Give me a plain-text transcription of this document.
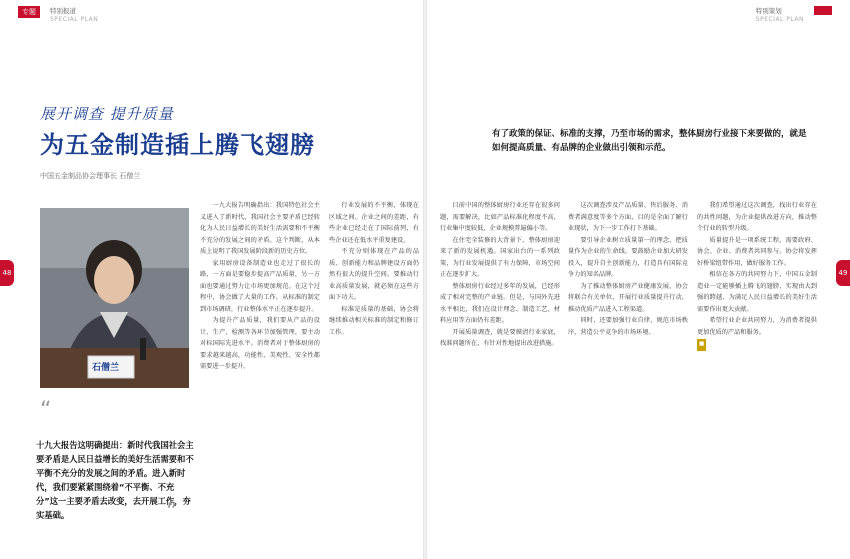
专题	特别报道
SPECIAL PLAN
特别策划
SPECIAL PLAN
48	49
展开调查 提升质量
为五金制造插上腾飞翅膀
中国五金制品协会理事长 石僧兰
有了政策的保证、标准的支撑，乃至市场的需求，整体厨房行业接下来要做的，就是如何提高质量、有品牌的企业做出引领和示范。
石僧兰
“
十九大报告这明确提出：新时代我国社会主要矛盾是人民日益增长的美好生活需要和不平衡不充分的发展之间的矛盾。进入新时代，我们要紧紧围绕着“不平衡、不充分”这一主要矛盾去改变，去开展工作，夯实基础。	”

一九大报告明确指出：我国特色社会主义进入了新时代，我国社会主要矛盾已经转化为人民日益增长的美好生活需要和不平衡不充分的发展之间的矛盾。这个判断，从本质上说明了我国发展阶段新的历史方位。

家用厨房设备制造业也走过了很长的路，一方面是要稳步提高产品质量，另一方面也要通过努力让市场更加规范。在这个过程中，协会做了大量的工作，从标准的制定到市场调研，行业整体水平正在逐步提升。

为提升产品质量，我们要从产品的设计、生产、检测等各环节加强管理，要主动对标国际先进水平。消费者对于整体厨房的要求越来越高，功能性、美观性、安全性都需要进一步提升。

行业发展的不平衡，体现在区域之间、企业之间的差距，有些企业已经走在了国际前列，有些企业还在低水平重复建设。

不充分则体现在产品的品质、创新能力和品牌建设方面仍然有很大的提升空间。要推动行业高质量发展，就必须在这些方面下功夫。

标准是质量的基础，协会将继续推动相关标准的制定和修订工作。

目前中国的整体厨房行业还存在很多问题，需要解决，比如产品标准化程度不高，行业集中度较低，企业规模普遍偏小等。

在住宅全装修的大背景下，整体厨房迎来了新的发展机遇。国家出台的一系列政策，为行业发展提供了有力保障，市场空间正在逐步扩大。

整体厨房行业经过多年的发展，已经形成了相对完整的产业链。但是，与国外先进水平相比，我们在设计理念、制造工艺、材料应用等方面仍有差距。

开展质量调查，就是要摸清行业家底，找准问题所在，有针对性地提出改进措施。

这次调查涉及产品质量、售后服务、消费者满意度等多个方面，目的是全面了解行业现状，为下一步工作打下基础。

要引导企业树立质量第一的理念，把质量作为企业的生命线。要鼓励企业加大研发投入，提升自主创新能力，打造具有国际竞争力的知名品牌。

为了推动整体厨房产业健康发展，协会将联合有关单位，开展行业质量提升行动，推动优质产品进入工程渠道。

同时，还要加强行业自律，规范市场秩序，营造公平竞争的市场环境。

我们希望通过这次调查，找出行业存在的共性问题，为企业提供改进方向，推动整个行业的转型升级。

质量提升是一项系统工程，需要政府、协会、企业、消费者共同参与。协会将发挥好桥梁纽带作用，做好服务工作。

相信在各方的共同努力下，中国五金制造业一定能够插上腾飞的翅膀，实现由大到强的跨越，为满足人民日益增长的美好生活需要作出更大贡献。

希望行业企业共同努力，为消费者提供更加优质的产品和服务。

■
